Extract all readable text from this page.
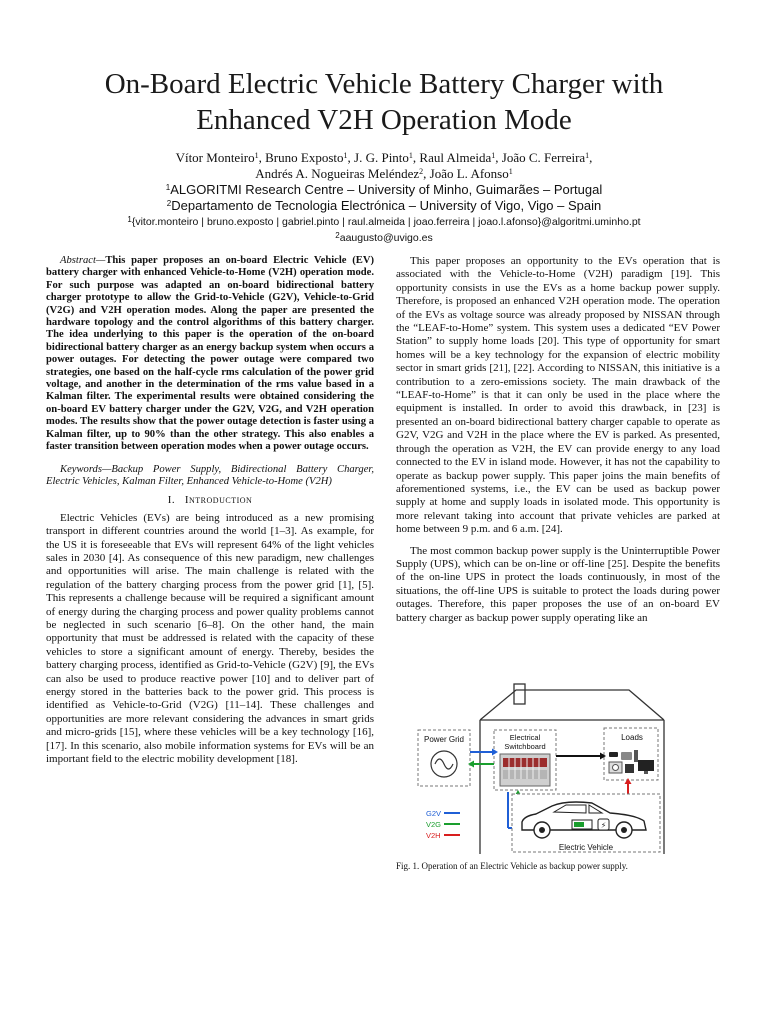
On-Board Electric Vehicle Battery Charger with
Enhanced V2H Operation Mode
Vítor Monteiro$^1$, Bruno Exposto$^1$, J. G. Pinto$^1$, Raul Almeida$^1$, João C. Ferreira$^1$,
Andrés A. Nogueiras Meléndez$^2$, João L. Afonso$^1$
$^1$ALGORITMI Research Centre – University of Minho, Guimarães – Portugal
$^2$Departamento de Tecnologia Electrónica – University of Vigo, Vigo – Spain
$^1${vitor.monteiro | bruno.exposto | gabriel.pinto | raul.almeida | joao.ferreira | joao.l.afonso}@algoritmi.uminho.pt
$^2$aaugusto@uvigo.es
Abstract—This paper proposes an on-board Electric Vehicle (EV) battery charger with enhanced Vehicle-to-Home (V2H) operation mode. For such purpose was adapted an on-board bidirectional battery charger prototype to allow the Grid-to-Vehicle (G2V), Vehicle-to-Grid (V2G) and V2H operation modes. Along the paper are presented the hardware topology and the control algorithms of this battery charger. The idea underlying to this paper is the operation of the on-board bidirectional battery charger as an energy backup system when occurs a power outages. For detecting the power outage were compared two strategies, one based on the half-cycle rms calculation of the power grid voltage, and another in the determination of the rms value based in a Kalman filter. The experimental results were obtained considering the on-board EV battery charger under the G2V, V2G, and V2H operation modes. The results show that the power outage detection is faster using a Kalman filter, up to 90% than the other strategy. This also enables a faster transition between operation modes when a power outage occurs.
Keywords—Backup Power Supply, Bidirectional Battery Charger, Electric Vehicles, Kalman Filter, Enhanced Vehicle-to-Home (V2H)
I. Introduction

Electric Vehicles (EVs) are being introduced as a new promising transport in different countries around the world [1–3]. As example, for the US it is foreseeable that EVs will represent 64% of the light vehicles sales in 2030 [4]. As consequence of this new paradigm, new challenges and opportunities will arise. The main challenge is related with the regulation of the battery charging process from the power grid [1], [5]. This represents a challenge because will be required a significant amount of energy during the charging process and power quality problems cannot be neglected in such scenario [6–8]. On the other hand, the main opportunity that must be addressed is related with the capacity of these vehicles to store a significant amount of energy. Thereby, besides the battery charging process, identified as Grid-to-Vehicle (G2V) [9], the EVs can also be used to produce reactive power [10] and to deliver part of energy stored in the batteries back to the power grid. This process is identified as Vehicle-to-Grid (V2G) [11–14]. These challenges and opportunities are more relevant considering the advances in smart grids and micro-grids [15], where these vehicles will be a key technology [16], [17]. In this scenario, also mobile information systems for EVs will be an important field to the electric mobility development [18].

This paper proposes an opportunity to the EVs operation that is associated with the Vehicle-to-Home (V2H) paradigm [19]. This opportunity consists in use the EVs as a home backup power supply. Therefore, is proposed an enhanced V2H operation mode. The operation of the EVs as voltage source was already proposed by NISSAN through the “LEAF-to-Home” system. This system uses a dedicated “EV Power Station” to supply home loads [20]. This type of opportunity for smart homes will be a key technology for the expansion of electric mobility sector in smart grids [21], [22]. According to NISSAN, this initiative is a contribution to a zero-emissions society. The main drawback of the “LEAF-to-Home” is that it can only be used in the place where the equipment is installed. In order to avoid this drawback, in [23] is presented an on-board bidirectional battery charger capable to operate as G2V, V2G and V2H in the place where the EV is parked. As presented, through the operation as V2H, the EV can provide energy to any load connected to the EV in island mode. However, it has not the capability to operate as backup power supply. This paper joins the main benefits of aforementioned systems, i.e., the EV can be used as backup power supply at home and supply loads in isolated mode. This opportunity is more relevant taking into account that private vehicles are parked at home between 9 p.m. and 6 a.m. [24].

The most common backup power supply is the Uninterruptible Power Supply (UPS), which can be on-line or off-line [25]. Despite the benefits of the on-line UPS in protect the loads continuously, in most of the situations, the off-line UPS is suitable to protect the loads during power outages. Therefore, this paper proposes the use of an on-board EV battery charger as backup power supply operating like an

Power Grid	Electrical
Switchboard
Loads
G2V
V2G
V2H
⚡
Electric Vehicle
Fig. 1. Operation of an Electric Vehicle as backup power supply.
